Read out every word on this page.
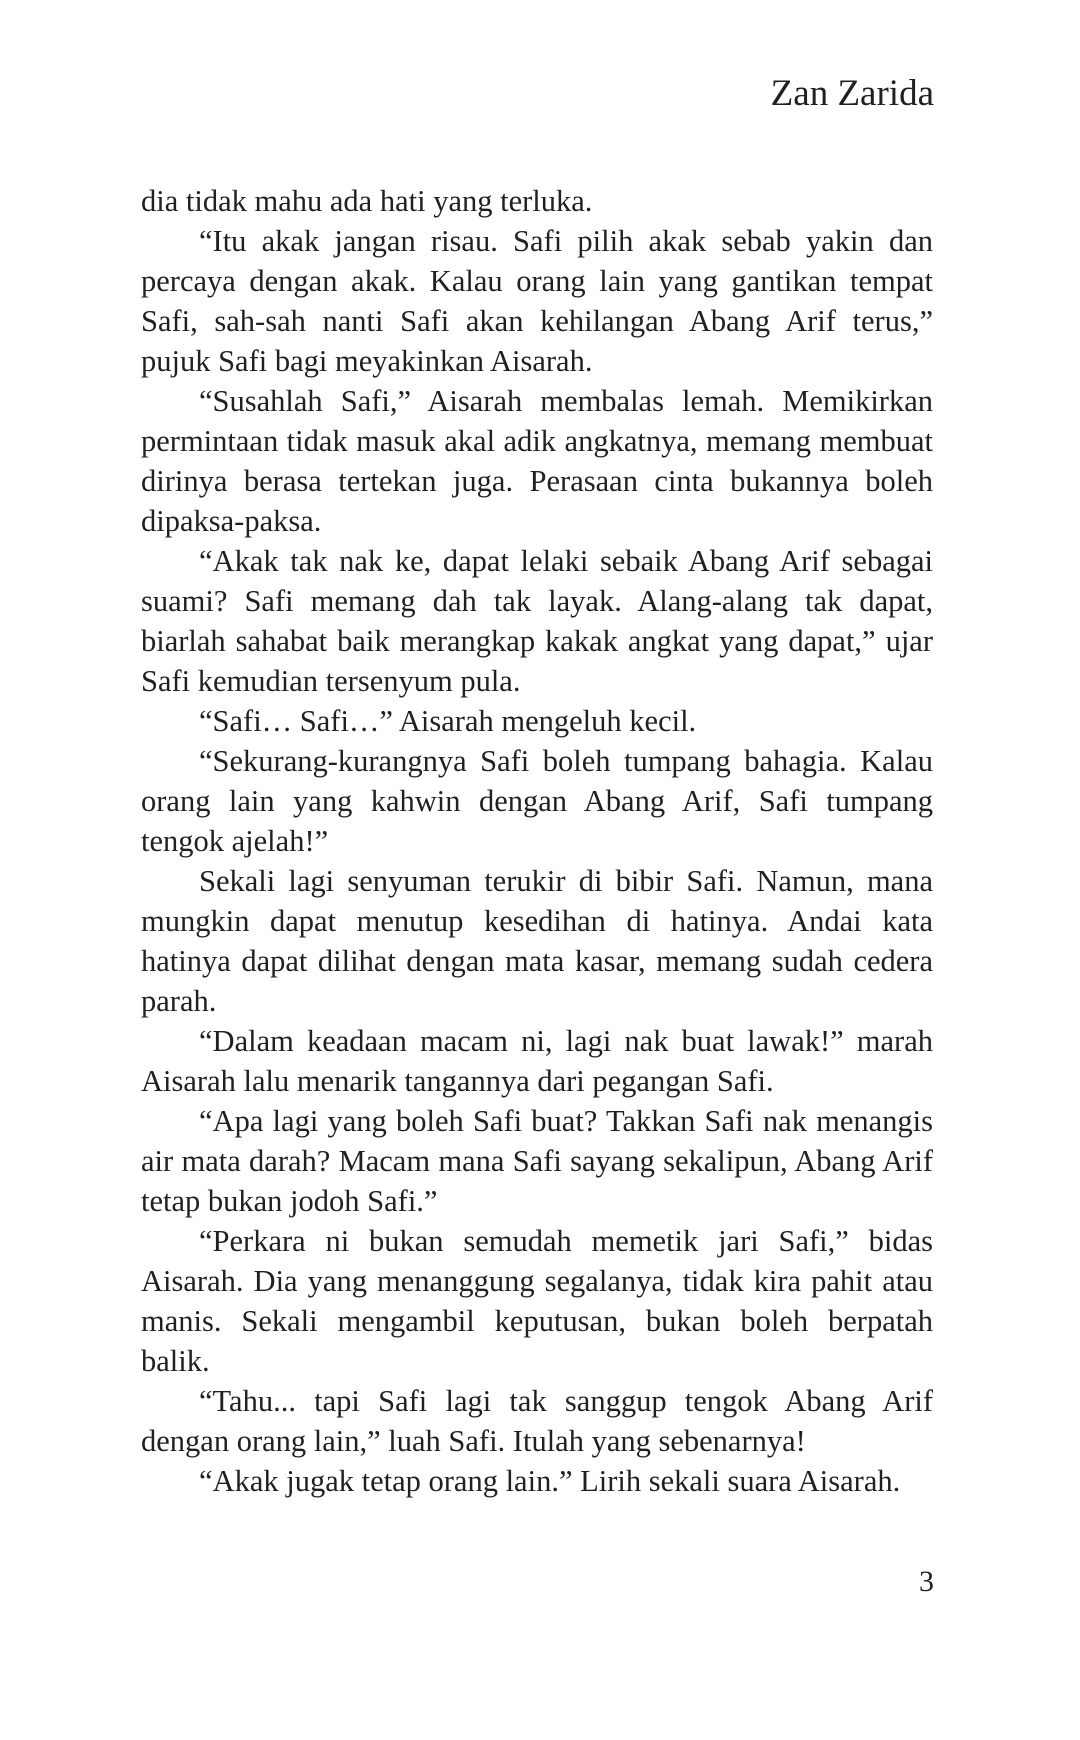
Zan Zarida

dia tidak mahu ada hati yang terluka.

“Itu akak jangan risau. Safi pilih akak sebab yakin dan percaya dengan akak. Kalau orang lain yang gantikan tempat Safi, sah-sah nanti Safi akan kehilangan Abang Arif terus,” pujuk Safi bagi meyakinkan Aisarah.

“Susahlah Safi,” Aisarah membalas lemah. Memikirkan permintaan tidak masuk akal adik angkatnya, memang membuat dirinya berasa tertekan juga. Perasaan cinta bukannya boleh dipaksa-paksa.

“Akak tak nak ke, dapat lelaki sebaik Abang Arif sebagai suami? Safi memang dah tak layak. Alang-alang tak dapat, biarlah sahabat baik merangkap kakak angkat yang dapat,” ujar Safi kemudian tersenyum pula.

“Safi… Safi…” Aisarah mengeluh kecil.

“Sekurang-kurangnya Safi boleh tumpang bahagia. Kalau orang lain yang kahwin dengan Abang Arif, Safi tumpang tengok ajelah!”

Sekali lagi senyuman terukir di bibir Safi. Namun, mana mungkin dapat menutup kesedihan di hatinya. Andai kata hatinya dapat dilihat dengan mata kasar, memang sudah cedera parah.

“Dalam keadaan macam ni, lagi nak buat lawak!” marah Aisarah lalu menarik tangannya dari pegangan Safi.

“Apa lagi yang boleh Safi buat? Takkan Safi nak menangis air mata darah? Macam mana Safi sayang sekalipun, Abang Arif tetap bukan jodoh Safi.”

“Perkara ni bukan semudah memetik jari Safi,” bidas Aisarah. Dia yang menanggung segalanya, tidak kira pahit atau manis. Sekali mengambil keputusan, bukan boleh berpatah balik.

“Tahu... tapi Safi lagi tak sanggup tengok Abang Arif dengan orang lain,” luah Safi. Itulah yang sebenarnya!

“Akak jugak tetap orang lain.” Lirih sekali suara Aisarah.

3
